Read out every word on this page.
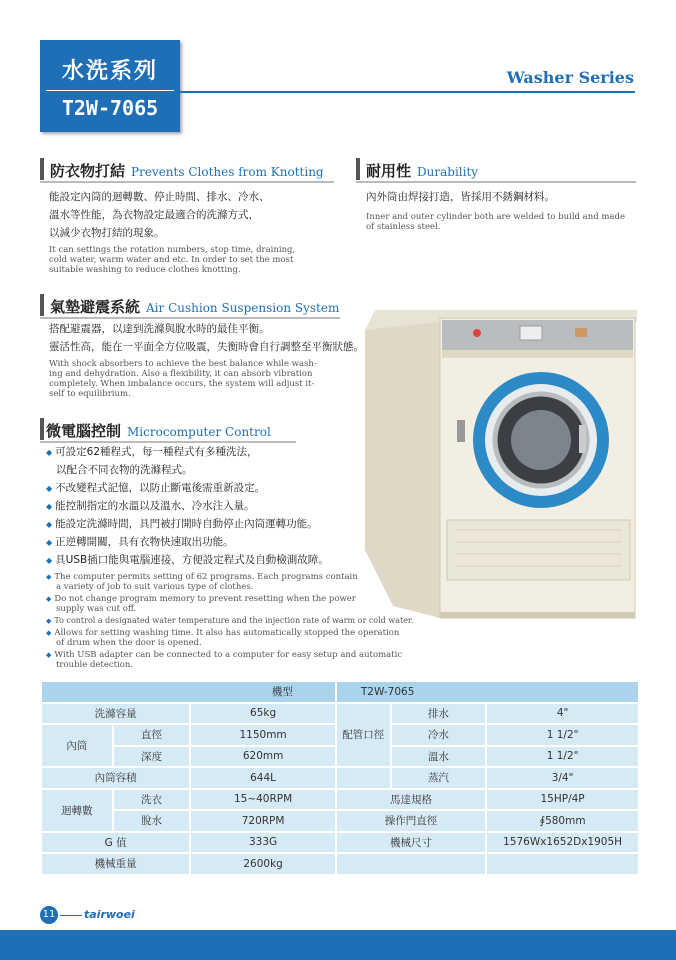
水洗系列
T2W-7065
Washer Series
防衣物打結 Prevents Clothes from Knotting
能設定內筒的迴轉數、停止時間、排水、冷水、
溫水等性能，為衣物設定最適合的洗滌方式，
以減少衣物打結的現象。
It can settings the rotation numbers, stop time, draining,
cold water, warm water and etc. In order to set the most
suitable washing to reduce clothes knotting.
耐用性 Durability
內外筒由焊接打造，皆採用不銹鋼材料。
Inner and outer cylinder both are welded to build and made
of stainless steel.
氣墊避震系統 Air Cushion Suspension System
搭配避震器，以達到洗滌與脫水時的最佳平衡。
靈活性高，能在一平面全方位吸震，失衡時會自行調整至平衡狀態。
With shock absorbers to achieve the best balance while wash-
ing and dehydration. Also a flexibility, it can absorb vibration
completely. When imbalance occurs, the system will adjust it-
self to equilibrium.
微電腦控制 Microcomputer Control
◆ 可設定62種程式，每一種程式有多種洗法，
以配合不同衣物的洗滌程式。
◆ 不改變程式記憶，以防止斷電後需重新設定。
◆ 能控制指定的水溫以及溫水、冷水注入量。
◆ 能設定洗滌時間，具門被打開時自動停止內筒運轉功能。
◆ 正逆轉開關，具有衣物快速取出功能。
◆ 具USB插口能與電腦連接，方便設定程式及自動檢測故障。
◆ The computer permits setting of 62 programs. Each programs contain
a variety of job to suit various type of clothes.
◆ Do not change program memory to prevent resetting when the power
supply was cut off.
◆ To control a designated water temperature and the injection rate of warm or cold water.
◆ Allows for setting washing time. It also has automatically stopped the operation
of drum when the door is opened.
◆ With USB adapter can be connected to a computer for easy setup and automatic
trouble detection.
機型			T2W-7065		
洗滌容量		65kg	配管口徑	排水	4"
內筒	直徑	1150mm		冷水	1 1/2"
	深度	620mm		溫水	1 1/2"
內筒容積		644L		蒸汽	3/4"
迴轉數	洗衣	15~40RPM	馬達規格		15HP/4P
	脫水	720RPM	操作門直徑		∮580mm
G 值		333G	機械尺寸		1576Wx1652Dx1905H
機械重量		2600kg			
11	tairwoei
